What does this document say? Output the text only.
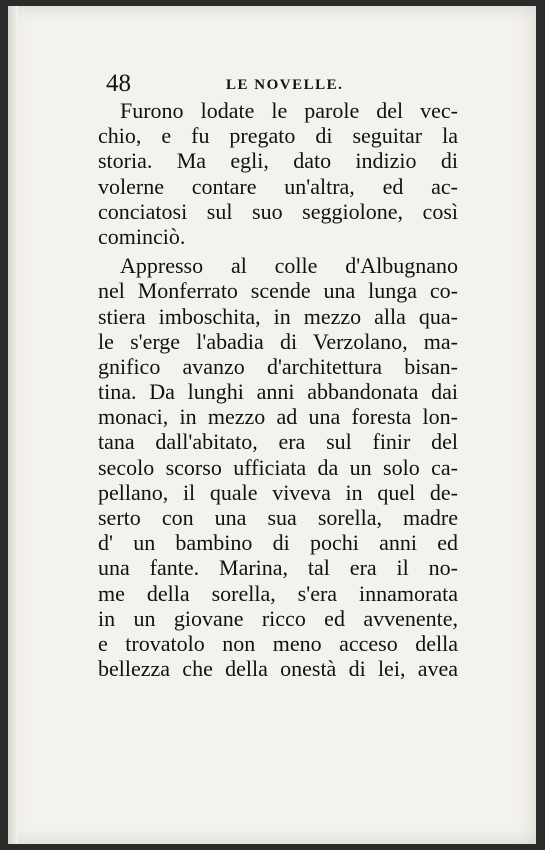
48	LE NOVELLE.
Furono lodate le parole del vec-
chio, e fu pregato di seguitar la
storia. Ma egli, dato indizio di
volerne contare un'altra, ed ac-
conciatosi sul suo seggiolone, così
cominciò.
Appresso al colle d'Albugnano
nel Monferrato scende una lunga co-
stiera imboschita, in mezzo alla qua-
le s'erge l'abadia di Verzolano, ma-
gnifico avanzo d'architettura bisan-
tina. Da lunghi anni abbandonata dai
monaci, in mezzo ad una foresta lon-
tana dall'abitato, era sul finir del
secolo scorso ufficiata da un solo ca-
pellano, il quale viveva in quel de-
serto con una sua sorella, madre
d' un bambino di pochi anni ed
una fante. Marina, tal era il no-
me della sorella, s'era innamorata
in un giovane ricco ed avvenente,
e trovatolo non meno acceso della
bellezza che della onestà di lei, avea
